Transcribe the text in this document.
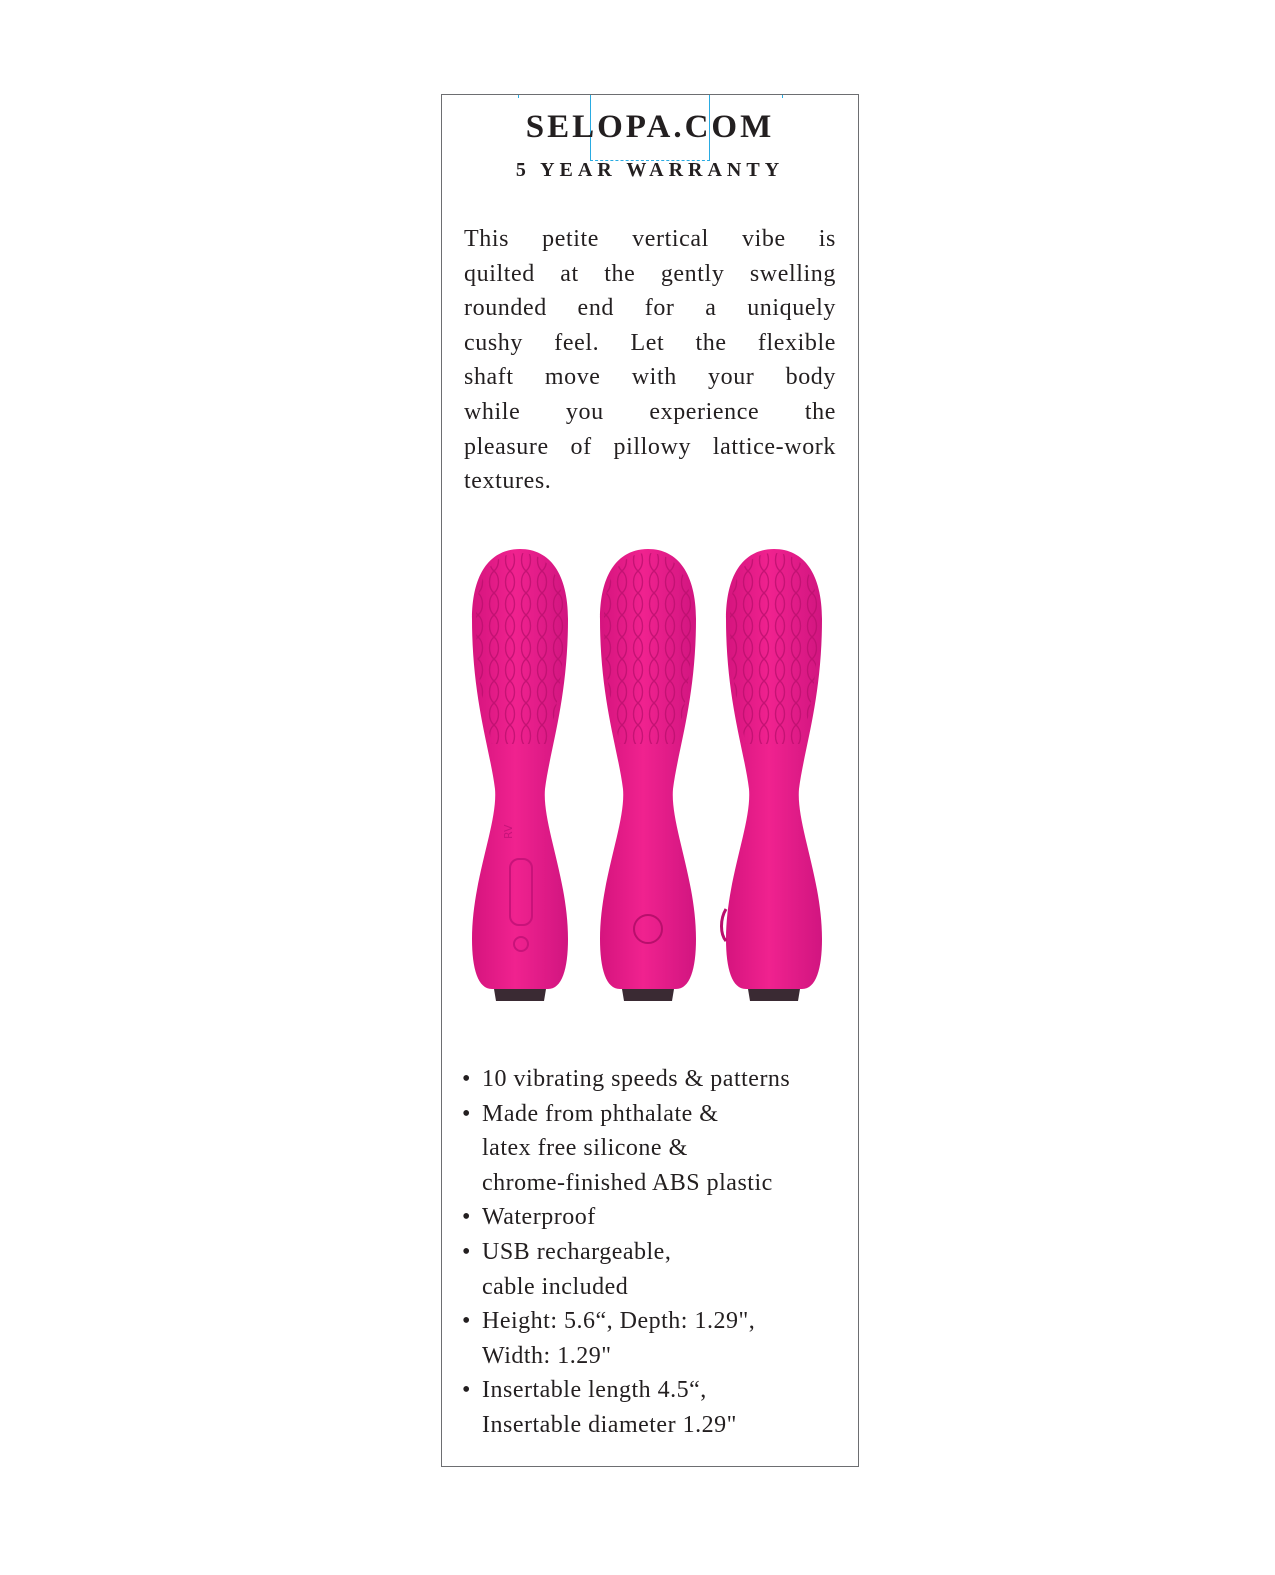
SELOPA.COM
5 YEAR WARRANTY
This petite vertical vibe is
quilted at the gently swelling
rounded end for a uniquely
cushy feel. Let the flexible
shaft move with your body
while you experience the
pleasure of pillowy lattice-work
textures.
RV
• 10 vibrating speeds & patterns
• Made from phthalate &
latex free silicone &
chrome-finished ABS plastic
• Waterproof
• USB rechargeable,
cable included
• Height: 5.6“, Depth: 1.29",
Width: 1.29"
• Insertable length 4.5“,
Insertable diameter 1.29"
